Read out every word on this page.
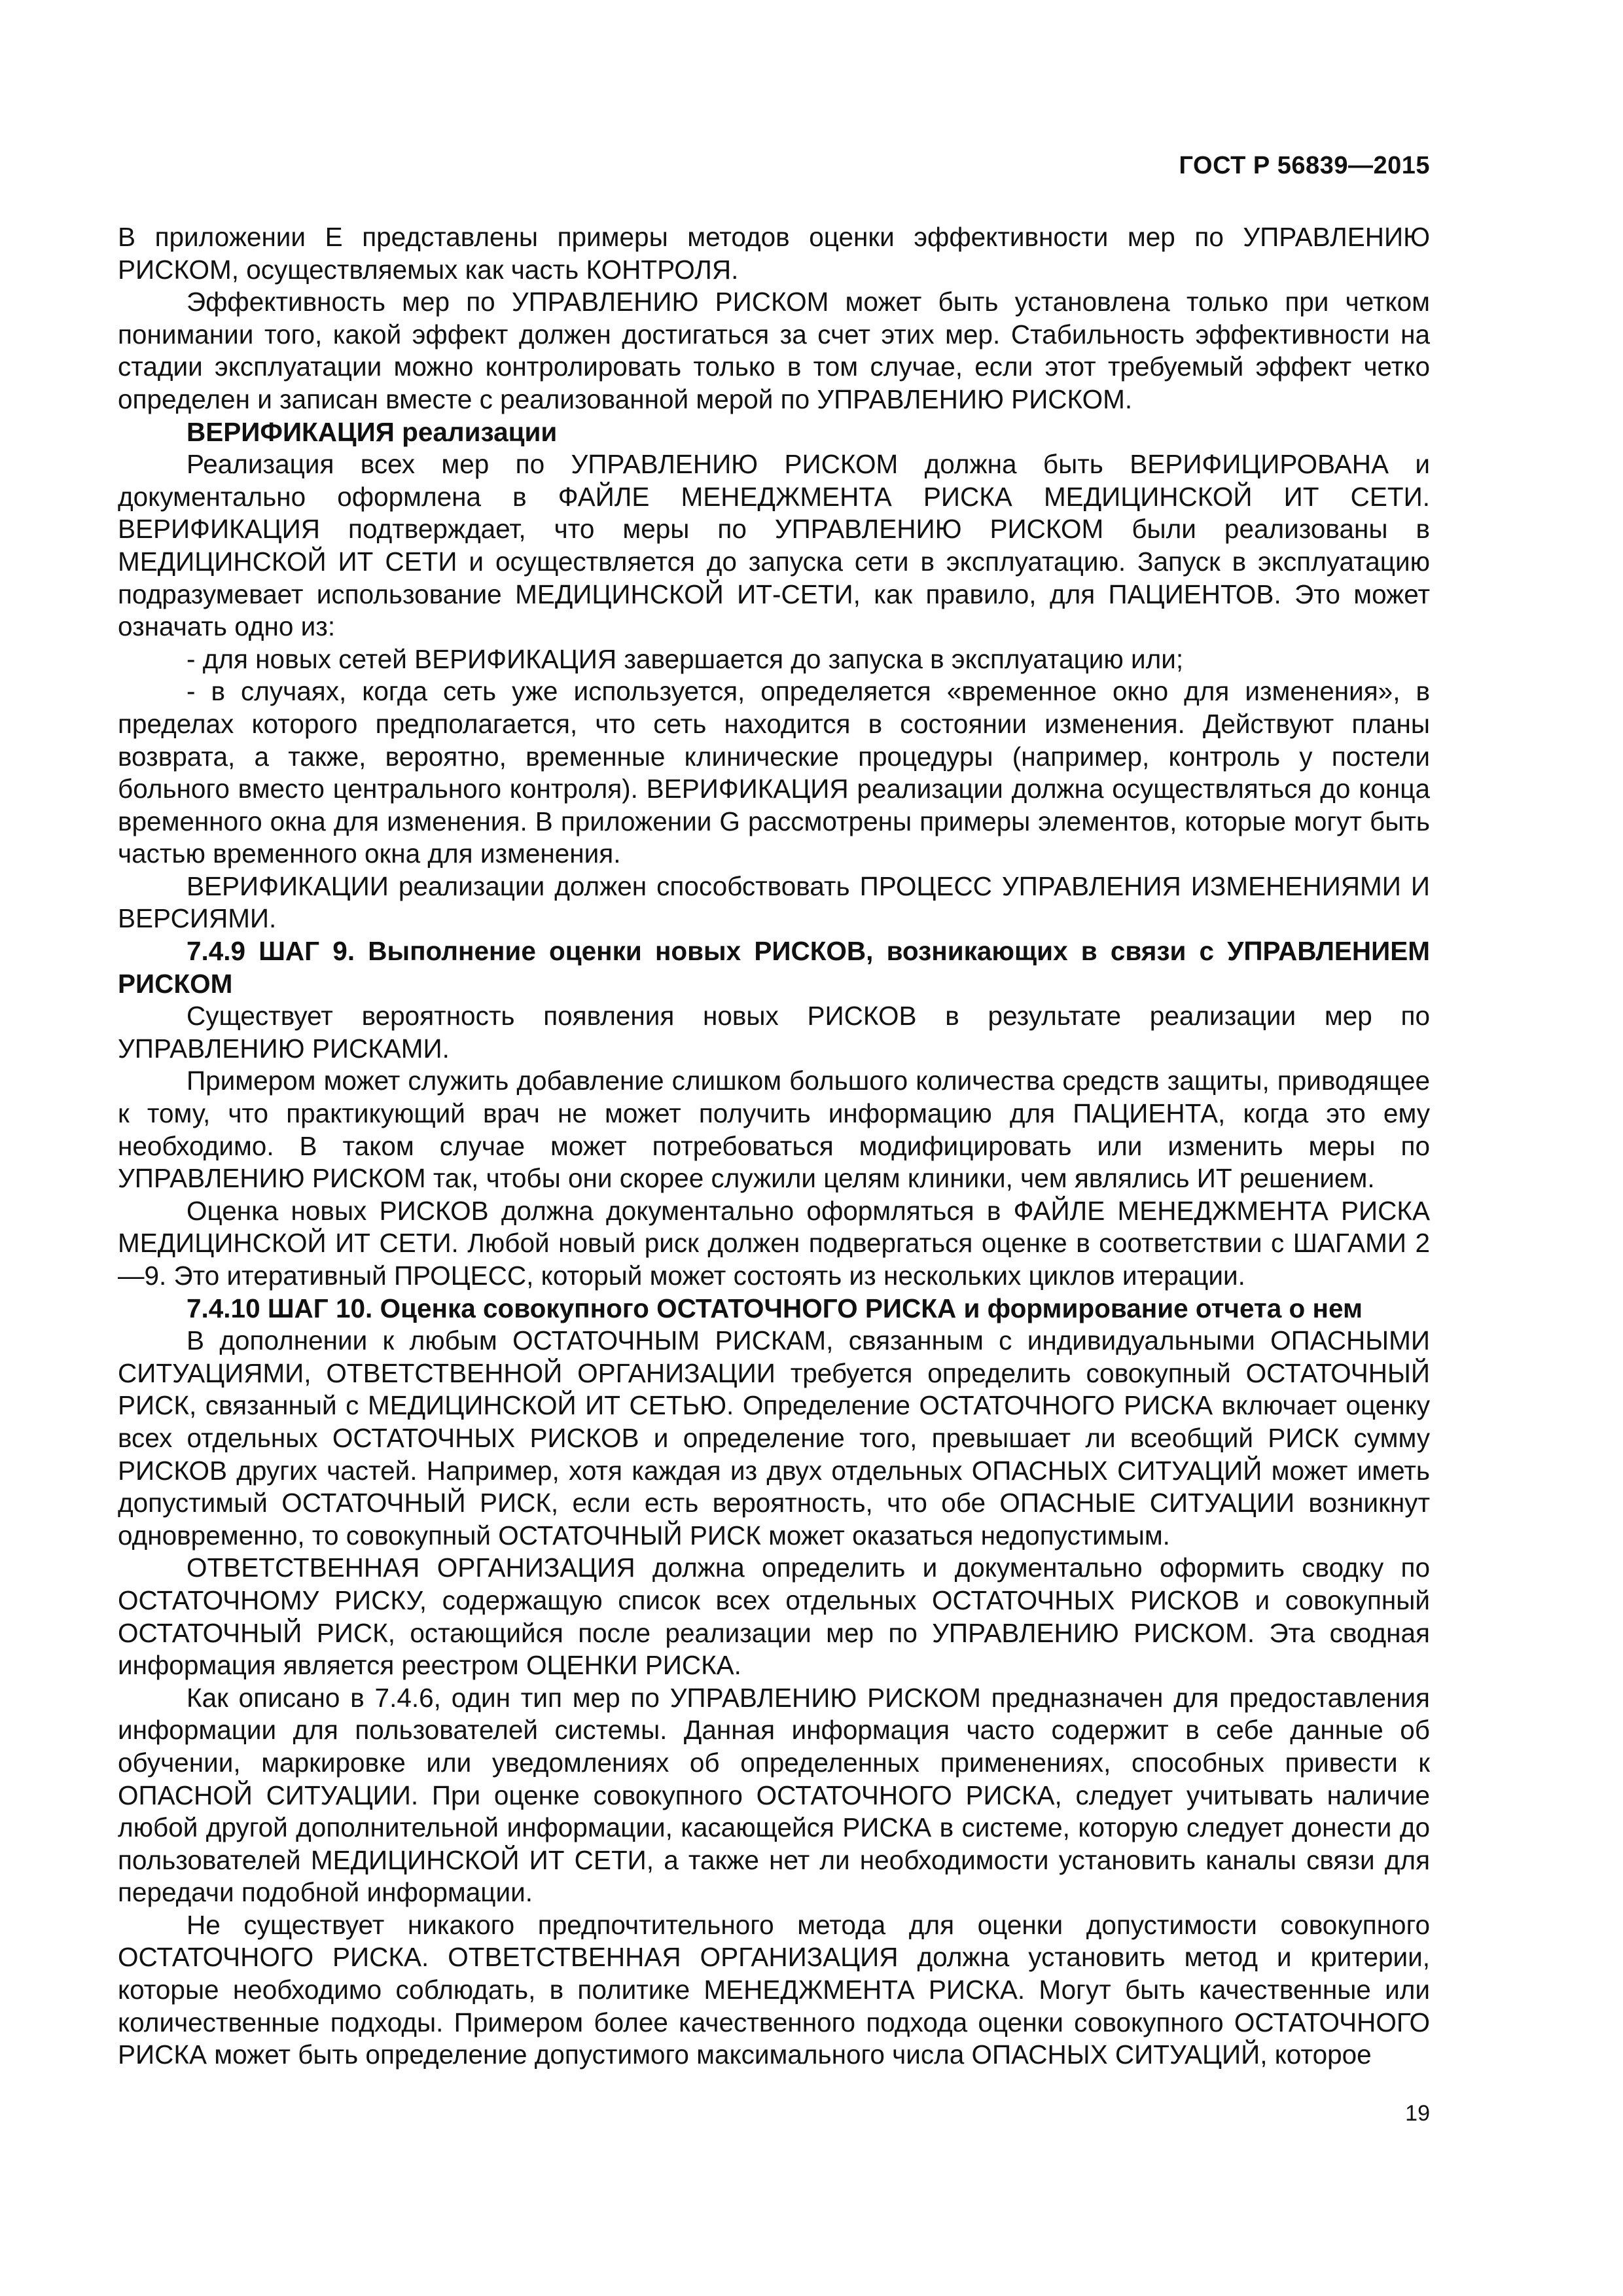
ГОСТ Р 56839—2015

В приложении Е представлены примеры методов оценки эффективности мер по УПРАВЛЕНИЮ РИСКОМ, осуществляемых как часть КОНТРОЛЯ.

Эффективность мер по УПРАВЛЕНИЮ РИСКОМ может быть установлена только при четком понимании того, какой эффект должен достигаться за счет этих мер. Стабильность эффективности на стадии эксплуатации можно контролировать только в том случае, если этот требуемый эффект четко определен и записан вместе с реализованной мерой по УПРАВЛЕНИЮ РИСКОМ.

ВЕРИФИКАЦИЯ реализации

Реализация всех мер по УПРАВЛЕНИЮ РИСКОМ должна быть ВЕРИФИЦИРОВАНА и документально оформлена в ФАЙЛЕ МЕНЕДЖМЕНТА РИСКА МЕДИЦИНСКОЙ ИТ СЕТИ. ВЕРИФИКАЦИЯ подтверждает, что меры по УПРАВЛЕНИЮ РИСКОМ были реализованы в МЕДИЦИНСКОЙ ИТ СЕТИ и осуществляется до запуска сети в эксплуатацию. Запуск в эксплуатацию подразумевает использование МЕДИЦИНСКОЙ ИТ-СЕТИ, как правило, для ПАЦИЕНТОВ. Это может означать одно из:

- для новых сетей ВЕРИФИКАЦИЯ завершается до запуска в эксплуатацию или;

- в случаях, когда сеть уже используется, определяется «временное окно для изменения», в пределах которого предполагается, что сеть находится в состоянии изменения. Действуют планы возврата, а также, вероятно, временные клинические процедуры (например, контроль у постели больного вместо центрального контроля). ВЕРИФИКАЦИЯ реализации должна осуществляться до конца временного окна для изменения. В приложении G рассмотрены примеры элементов, которые могут быть частью временного окна для изменения.

ВЕРИФИКАЦИИ реализации должен способствовать ПРОЦЕСС УПРАВЛЕНИЯ ИЗМЕНЕНИЯМИ И ВЕРСИЯМИ.

7.4.9 ШАГ 9. Выполнение оценки новых РИСКОВ, возникающих в связи с УПРАВЛЕНИЕМ РИСКОМ

Существует вероятность появления новых РИСКОВ в результате реализации мер по УПРАВЛЕНИЮ РИСКАМИ.

Примером может служить добавление слишком большого количества средств защиты, приводящее к тому, что практикующий врач не может получить информацию для ПАЦИЕНТА, когда это ему необходимо. В таком случае может потребоваться модифицировать или изменить меры по УПРАВЛЕНИЮ РИСКОМ так, чтобы они скорее служили целям клиники, чем являлись ИТ решением.

Оценка новых РИСКОВ должна документально оформляться в ФАЙЛЕ МЕНЕДЖМЕНТА РИСКА МЕДИЦИНСКОЙ ИТ СЕТИ. Любой новый риск должен подвергаться оценке в соответствии с ШАГАМИ 2—9. Это итеративный ПРОЦЕСС, который может состоять из нескольких циклов итерации.

7.4.10 ШАГ 10. Оценка совокупного ОСТАТОЧНОГО РИСКА и формирование отчета о нем

В дополнении к любым ОСТАТОЧНЫМ РИСКАМ, связанным с индивидуальными ОПАСНЫМИ СИТУАЦИЯМИ, ОТВЕТСТВЕННОЙ ОРГАНИЗАЦИИ требуется определить совокупный ОСТАТОЧНЫЙ РИСК, связанный с МЕДИЦИНСКОЙ ИТ СЕТЬЮ. Определение ОСТАТОЧНОГО РИСКА включает оценку всех отдельных ОСТАТОЧНЫХ РИСКОВ и определение того, превышает ли всеобщий РИСК сумму РИСКОВ других частей. Например, хотя каждая из двух отдельных ОПАСНЫХ СИТУАЦИЙ может иметь допустимый ОСТАТОЧНЫЙ РИСК, если есть вероятность, что обе ОПАСНЫЕ СИТУАЦИИ возникнут одновременно, то совокупный ОСТАТОЧНЫЙ РИСК может оказаться недопустимым.

ОТВЕТСТВЕННАЯ ОРГАНИЗАЦИЯ должна определить и документально оформить сводку по ОСТАТОЧНОМУ РИСКУ, содержащую список всех отдельных ОСТАТОЧНЫХ РИСКОВ и совокупный ОСТАТОЧНЫЙ РИСК, остающийся после реализации мер по УПРАВЛЕНИЮ РИСКОМ. Эта сводная информация является реестром ОЦЕНКИ РИСКА.

Как описано в 7.4.6, один тип мер по УПРАВЛЕНИЮ РИСКОМ предназначен для предоставления информации для пользователей системы. Данная информация часто содержит в себе данные об обучении, маркировке или уведомлениях об определенных применениях, способных привести к ОПАСНОЙ СИТУАЦИИ. При оценке совокупного ОСТАТОЧНОГО РИСКА, следует учитывать наличие любой другой дополнительной информации, касающейся РИСКА в системе, которую следует донести до пользователей МЕДИЦИНСКОЙ ИТ СЕТИ, а также нет ли необходимости установить каналы связи для передачи подобной информации.

Не существует никакого предпочтительного метода для оценки допустимости совокупного ОСТАТОЧНОГО РИСКА. ОТВЕТСТВЕННАЯ ОРГАНИЗАЦИЯ должна установить метод и критерии, которые необходимо соблюдать, в политике МЕНЕДЖМЕНТА РИСКА. Могут быть качественные или количественные подходы. Примером более качественного подхода оценки совокупного ОСТАТОЧНОГО РИСКА может быть определение допустимого максимального числа ОПАСНЫХ СИТУАЦИЙ, которое

19
